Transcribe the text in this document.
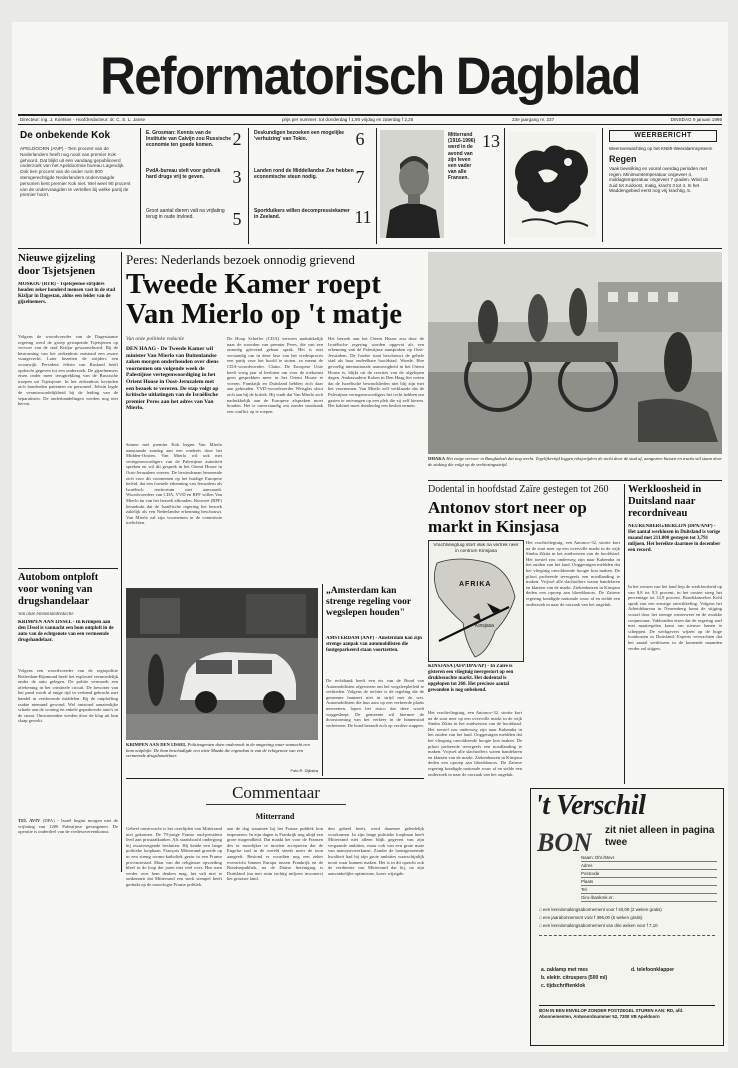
Reformatorisch Dagblad
Directeur: ing. J. Koetsier - Hoofdredacteur: dr. C. S. L. Janse	prijs per nummer: tot donderdag f 1,90 vrijdag en zaterdag f 2,25	23e jaargang nr. 237	DINSDAG 9 januari 1996
De onbekende Kok
APELDOORN (ANP) - Tien procent van de Nederlanders heeft nog nooit van premier Kok gehoord. Dat blijkt uit een vandaag gepubliceerd onderzoek van het Apeldoornse bureau Lagendijk. Ook tien procent van de onder ruim 900 stemgerechtigde Nederlanders ondervraagde personen kent premier Kok niet. Wel weet 90 procent van de ondervraagden te vertellen bij welke partij de premier hoort.
E. Grosman: Kennis van de Institutie van Calvijn zou Russische economie ten goede komen.	2
PvdA-bureau stelt voor gebruik hard drugs vrij te geven.	3
Groot aantal dieren valt na vrijlating terug in oude invloed.	5
Deskundigen bezoeken een mogelijke 'verhuizing' van Tokio.	6
Landen rond de Middellandse Zee hebben economische steun nodig.	7
Sportduikers willen decompressiekamer in Zeeland.	11
Mitterrand (1916-1996) werd in de avond van zijn leven een vader van alle Fransen.
13	WEERBERICHT
Weersverwachting op het KNMI-Weeralarmsysteem
Regen
Vaak bewolking en vooral overdag perioden met regen. Minimumtemperatuur ongeveer 4, middagtemperatuur ongeveer 7 graden. Wind uit zuid tot zuidoost, matig, kracht 3 tot 4. In het Waddengebied eerst nog vrij krachtig, 5.
Nieuwe gijzeling door Tsjetsjenen
MOSKOU (RTR) - Tsjetsjeense strijders houden zeker honderd mensen vast in de stad Kizljar in Dagestan, aldus een leider van de gijzelnemers.
Volgens de woordvoerder van de Dagestaanse regering werd de groep gewapende Tsjetsjenen op vervoer van de stad Kizljar gewaarschuwd. Bij de bestorming van het ziekenhuis ontstond een zware vuurgevecht. Later bezetten de strijders een woonwijk. Persident Jeltsin van Rusland heeft opdracht gegeven tot een onderzoek. De gijzelnemers eisen onder meer terugtrekking van de Russische troepen uit Tsjetsjenie. In het ziekenhuis bevinden zich honderden patienten en personeel. Jeltsin legde de verantwoordelijkheid bij de leiding van de separatisten. De onderhandelingen werden nog niet hervat.
Peres: Nederlands bezoek onnodig grievend
Tweede Kamer roept Van Mierlo op 't matje
Van onze politieke redactie
DEN HAAG - De Tweede Kamer wil minister Van Mierlo van Buitenlandse zaken morgen onderhouden over diens voornemen om volgende week de Palestijnse vertegenwoordiging in het Orient House in Oost-Jeruzalem met een bezoek te vereren. De stap volgt op kritische uitlatingen van de Israëlische premier Peres aan het adres van Van Mierlo.
Samen met premier Kok begint Van Mierlo aanstaande zondag aan een rondreis door het Midden-Oosten. Van Mierlo wil ook met vertegenwoordigers van de Palestijnse autoriteit spreken en wil dit gesprek in het Orient House in Oost-Jeruzalem voeren. De bewindsman benoemde zich voor dit voornemen op het huidige Europese beleid, dat een formele erkenning van Jeruzalem als Israëlisch territorium niet aanvaardt. Woordvoerders van CDA, VVD en RPF willen Van Mierlo nu van het bezoek afhouden. Rouvoet (RPF) benadrukt dat de Israëlische regering het bezoek zakelijk als een Nederlandse erkenning beschouwt. Van Mierlo zal zijn voornemen in de commissie toelichten.
De Hoop Scheffer (CDA) verwees nadrukkelijk naar de woorden van premier Peres, die van een onnodig grievend gebaar sprak. Het is niet verstandig om in deze fase van het vredesproces een partij voor het hoofd te stoten, zo meent de CDA-woordvoerder. Claim. De Europese Unie heeft vorig jaar al besloten om voor de toekomst geen gesprekken meer in het Orient House te voeren. Frankrijk en Duitsland hebben zich daar aan gehouden. VVD-woordvoerder Weisglas sloot zich aan bij de kritiek. Hij vindt dat Van Mierlo zich nadrukkelijk aan de Europese afspraken moet houden. Het is onverstandig om zonder noodzaak een conflict op te roepen.
Het bezoek aan het Orient House zou door de Israëlische regering worden opgevat als een erkenning van de Palestijnse aanspraken op Oost-Jeruzalem. De Joodse staat beschouwt de gehele stad als haar ondeelbare hoofdstad. Woede. Hoe gevoelig internationale aanwezigheid in het Orient House is, blijkt uit de reacties van de afgelopen dagen. Ambassadeur Kohen in Den Haag liet weten dat de Israëlische bewindslieden niet blij zijn met het voornemen. Van Mierlo zelf verklaarde dat de Palestijnse vertegenwoordigers het recht hebben om gasten te ontvangen op een plek die zij zelf kiezen. Het kabinet moet donderdag een besluit nemen.
DHAKA Het enige vervoer in Bangladesh dat nog werkt. Tegelijkertijd leggen riksjarijders de tocht door de stad af, aangezien bussen en trucks stil staan door de staking die volgt op de verkiezingsstrijd.
Dodental in hoofdstad Zaïre gestegen tot 260
Antonov stort neer op markt in Kinsjasa
Vrachtvliegtuig stort vlak na vertrek neer in centrum Kinsjasa
AFRIKA
Kinsjasa
KINSJASA (AFP/DPA/AP) - In Zaïre is gisteren een vliegtuig neergestort op een drukbezochte markt. Het dodental is opgelopen tot 260. Het precieze aantal gewonden is nog onbekend.
Het vrachtvliegtuig, een Antonov-32, stortte kort na de start neer op een overvolle markt in de wijk Simba Zikita in het zuidwesten van de hoofdstad. Het toestel zou onderweg zijn naar Kahemba in het zuiden van het land. Ooggetuigen meldden dat het vliegtuig onvoldoende hoogte kon maken. De piloot probeerde tevergeefs een noodlanding te maken. Vrijwel alle slachtoffers waren handelaren en klanten van de markt. Ziekenhuizen in Kinsjasa deden een oproep aan bloeddonors. De Zaïrese regering kondigde nationale rouw af en stelde een onderzoek in naar de oorzaak van het ongeluk.
Het vrachtvliegtuig, een Antonov-32, stortte kort na de start neer op een overvolle markt in de wijk Simba Zikita in het zuidwesten van de hoofdstad. Het toestel zou onderweg zijn naar Kahemba in het zuiden van het land. Ooggetuigen meldden dat het vliegtuig onvoldoende hoogte kon maken. De piloot probeerde tevergeefs een noodlanding te maken. Vrijwel alle slachtoffers waren handelaren en klanten van de markt. Ziekenhuizen in Kinsjasa deden een oproep aan bloeddonors. De Zaïrese regering kondigde nationale rouw af en stelde een onderzoek in naar de oorzaak van het ongeluk.
Werkloosheid in Duitsland naar recordniveau
NEURENBERG/BERLIJN (DPA/ANP) - Het aantal werklozen in Duitsland is vorige maand met 211.000 gestegen tot 3,791 miljoen. Het bereikte daarmee in december een record.
In het westen van het land liep de werkloosheid op van 8,8 tot 9,3 procent, in het oosten steeg het percentage tot 14,9 procent. Bondskanselier Kohl sprak van een ernstige ontwikkeling. Volgens het Arbeidsbureau in Neurenberg komt de stijging vooral door het strenge winterweer en de zwakke conjunctuur. Vakbonden eisen dat de regering snel met maatregelen komt om nieuwe banen te scheppen. De werkgevers wijzen op de hoge loonkosten in Duitsland. Experts verwachten dat het aantal werklozen in de komende maanden verder zal stijgen.
Autobom ontploft voor woning van drugshandelaar
Van onze binnenlandredactie
KRIMPEN AAN IJSSEL - In Krimpen aan den IJssel is vannacht een bom ontploft in de auto van de echtgenote van een vermeende drugshandelaar.
Volgens een woordvoerder van de regiopolitie Rotterdam-Rijnmond heeft het explosief vermoedelijk onder de auto gelegen. De politie vermoedt een afrekening in het criminele circuit. De bewoner van het pand wordt al enige tijd in verband gebracht met handel in verdovende middelen. Bij de ontploffing raakte niemand gewond. Wel ontstond aanzienlijke schade aan de woning en enkele geparkeerde auto's in de straat. Omwonenden werden door de klap uit hun slaap gewekt.
TEL AVIV (DPA) - Israël begint morgen met de vrijlating van 1200 Palestijnse gevangenen. De operatie is onderdeel van de vredesovereenkomst.
KRIMPEN AAN DEN IJSSEL Politieagenten doen onderzoek in de omgeving waar vannacht een bom ontplofte. De bom beschadigde een witte Mazda die eigendom is van de echtgenote van een vermeende drugshandelaar.
Foto R. Dijkstra
„Amsterdam kan strenge regeling voor wegslepen houden"
AMSTERDAM (ANP) - Amsterdam kan zijn strenge aanpak van automobilisten die foutgeparkeerd staan voortzetten.
De rechtbank heeft een eis van de Bond van Automobilisten afgewezen om het wegsleepbeleid te verbieden. Volgens de rechter is de regeling die de gemeente hanteert niet in strijd met de wet. Automobilisten die hun auto op een verkeerde plaats neerzetten, lopen het risico dat deze wordt weggesleept. De gemeente wil hiermee de doorstroming van het verkeer in de binnenstad verbeteren. De bond beraadt zich op verdere stappen.
Commentaar
Mitterrand
Geheel onverwacht is het overlijden van Mitterrand niet gekomen. De 79-jarige Franse oud-president leed aan prostaatkanker. Als staatshoofd ondergong hij zwaarwegende besluiten. Hij kende een lange politieke loopbaan. François Mitterrand groeide op in een streng rooms-katholiek gezin in een Franse provinciestad. Maar van die religieuze opvoeding bleef in de loop der jaren niet veel over. Hoe men verder over hem denken mag, het valt niet te ontkennen dat Mitterrand een sterk stempel heeft gedrukt op de naoorlogse Franse politiek.
aan de dag waarmee hij het Franse publiek kon imponeren. In zijn dagen is Frankrijk nog altijd een grote mogendheid. Dat maakt het voor de Fransen des te moeilijker te moeten accepteren dat de Engelse taal in de wereld steeds meer de toon aangeeft. Bestond er voordien nog een zeker evenwicht binnen Europa tussen Frankrijk en de Bondsrepubliek, na de Duitse hereniging is Duitsland (nu met ruim tachtig miljoen inwoners) het grootste land.
den geheel heeft, werd daarmee geleidelijk voorkomen. In zijn lange politieke loopbaan heeft Mitterrand niet alleen blijk gegeven van zijn vergaande ambities, maar ook van een grote mate van manoeuvreerkunst. Zonder de laatstgenoemde kwaliteit had hij zijn grote ambities waarschijnlijk nooit waar kunnen maken. Het is in dit opzicht ook de verdienste van Mitterrand dat hij, na zijn aanvankelijke optimisme, koers wijzigde.
't Verschil
zit niet alleen in pagina twee
BON
Naam: Dhr./Mevr.
Adres
Postcode
Plaats
Tel.
Giro-/bankrek.nr.
□ een kennismakingsabonnement voor f 40,00 (2 weken gratis)
□ een jaarabonnement voor f 395,00 (6 weken gratis)
□ een kennismakingsabonnement van drie weken voor f 7,10
a. zaklamp met mes
b. elektr. citruspers (500 ml)
c. tijdschriftenklok
d. telefoonklapper
BON IN EEN ENVELOP ZONDER POSTZEGEL STUREN AAN: RD, afd. Abonnementen, Antwoordnummer 52, 7300 VB Apeldoorn
